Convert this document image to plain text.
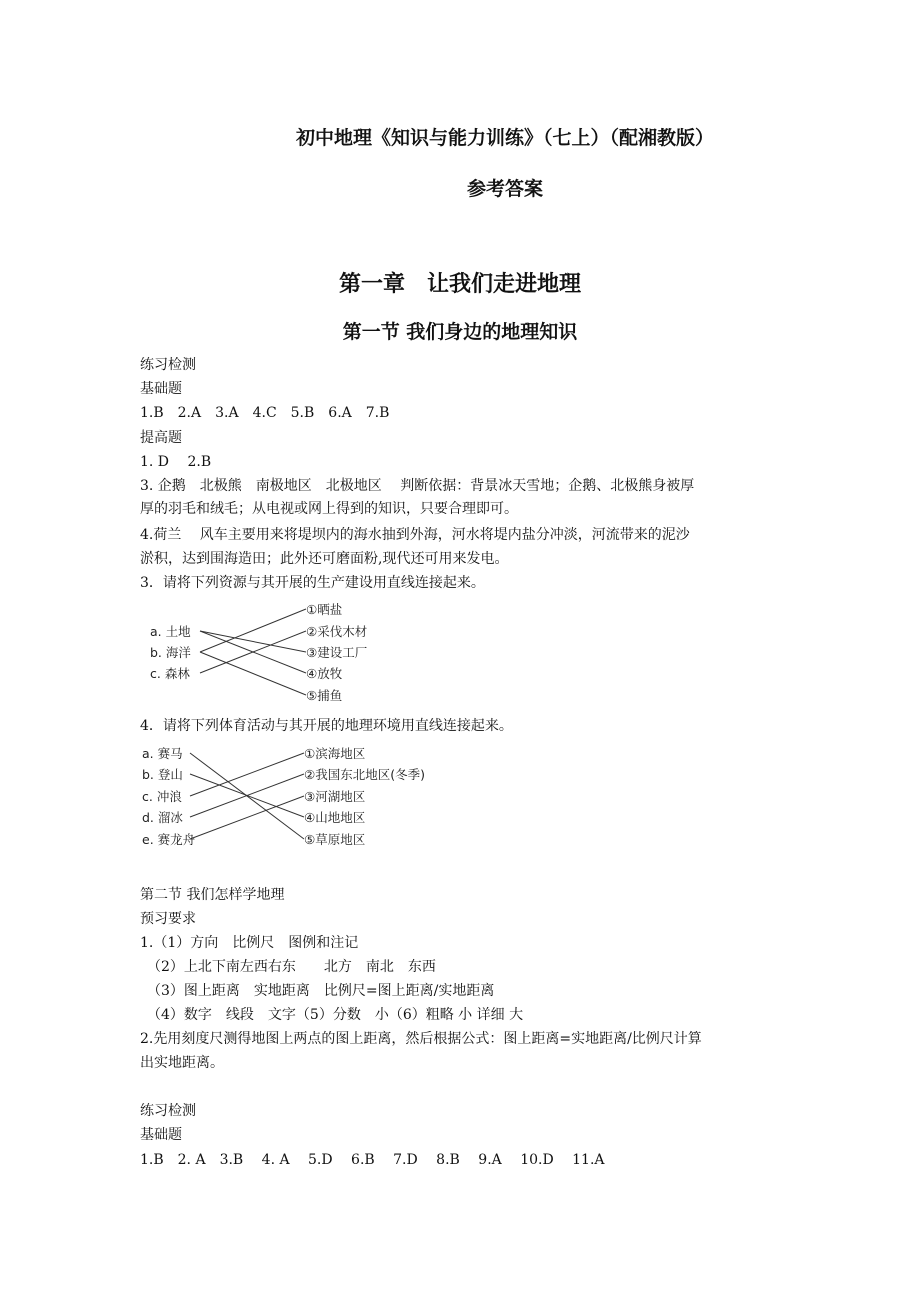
初中地理《知识与能力训练》（七上）（配湘教版）
参考答案
第一章　让我们走进地理
第一节 我们身边的地理知识
练习检测
基础题
1.B　2.A　3.A　4.C　5.B　6.A　7.B
提高题
1. D　 2.B
3. 企鹅　北极熊　南极地区　北极地区　 判断依据：背景冰天雪地；企鹅、北极熊身被厚
厚的羽毛和绒毛；从电视或网上得到的知识，只要合理即可。
4.荷兰　 风车主要用来将堤坝内的海水抽到外海，河水将堤内盐分冲淡，河流带来的泥沙
淤积，达到围海造田；此外还可磨面粉,现代还可用来发电。
3．请将下列资源与其开展的生产建设用直线连接起来。
a. 土地
b. 海洋
c. 森林
①晒盐
②采伐木材
③建设工厂
④放牧
⑤捕鱼
4．请将下列体育活动与其开展的地理环境用直线连接起来。
a. 赛马
b. 登山
c. 冲浪
d. 溜冰
e. 赛龙舟
①滨海地区
②我国东北地区(冬季)
③河湖地区
④山地地区
⑤草原地区
第二节 我们怎样学地理
预习要求
1.（1）方向　比例尺　图例和注记
　（2）上北下南左西右东　　北方　南北　东西
　（3）图上距离　实地距离　比例尺=图上距离/实地距离
　（4）数字　线段　文字（5）分数　小（6）粗略 小 详细 大
2.先用刻度尺测得地图上两点的图上距离，然后根据公式：图上距离=实地距离/比例尺计算
出实地距离。
练习检测
基础题
1.B　2. A　3.B　 4. A　 5.D　 6.B　 7.D　 8.B　 9.A　 10.D　 11.A
